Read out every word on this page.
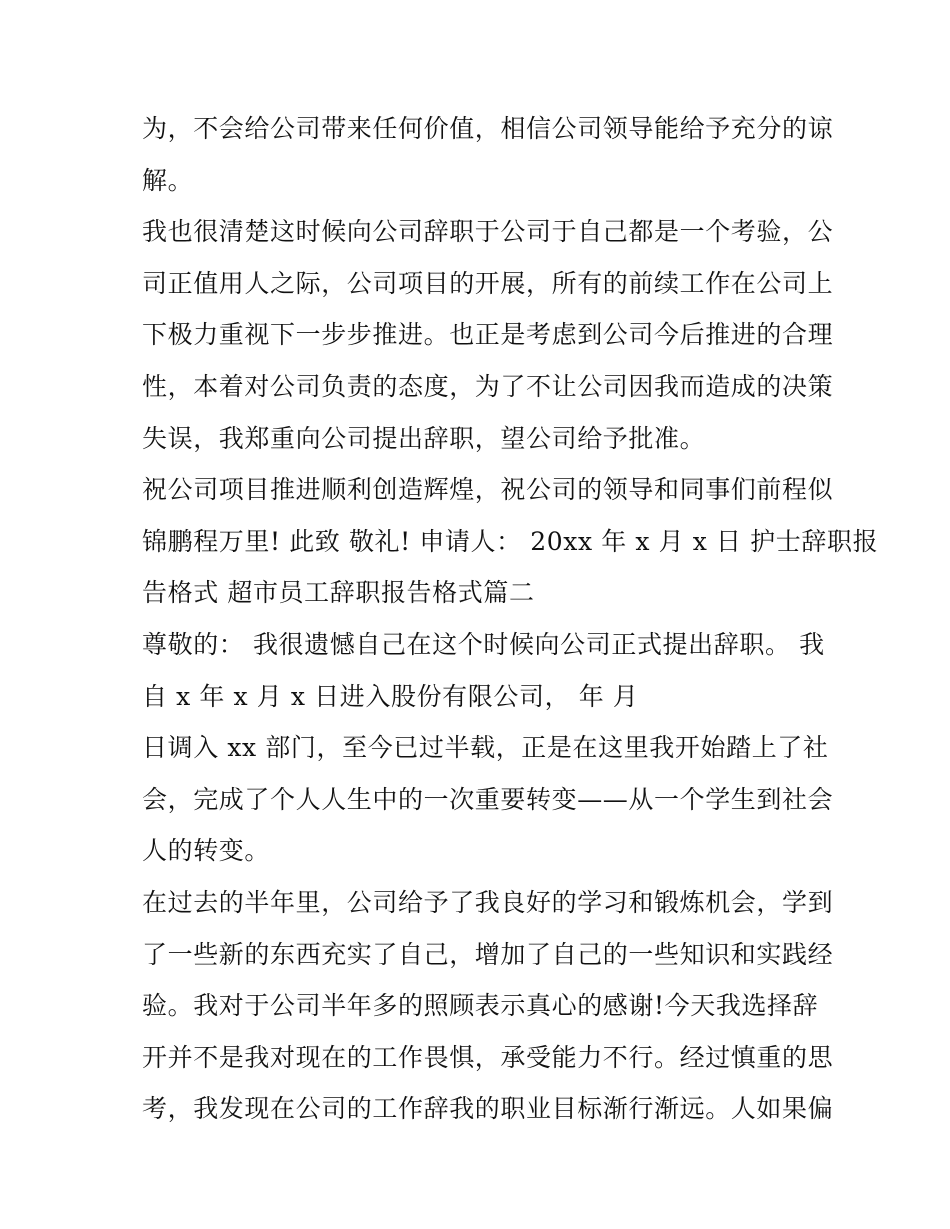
为，不会给公司带来任何价值，相信公司领导能给予充分的谅
解。
我也很清楚这时候向公司辞职于公司于自己都是一个考验，公
司正值用人之际，公司项目的开展，所有的前续工作在公司上
下极力重视下一步步推进。也正是考虑到公司今后推进的合理
性，本着对公司负责的态度，为了不让公司因我而造成的决策
失误，我郑重向公司提出辞职，望公司给予批准。
祝公司项目推进顺利创造辉煌，祝公司的领导和同事们前程似
锦鹏程万里! 此致 敬礼! 申请人： 20xx 年 x 月 x 日 护士辞职报
告格式 超市员工辞职报告格式篇二
尊敬的： 我很遗憾自己在这个时候向公司正式提出辞职。 我
自 x 年 x 月 x 日进入股份有限公司， 年 月
日调入 xx 部门，至今已过半载，正是在这里我开始踏上了社
会，完成了个人人生中的一次重要转变——从一个学生到社会
人的转变。
在过去的半年里，公司给予了我良好的学习和锻炼机会，学到
了一些新的东西充实了自己，增加了自己的一些知识和实践经
验。我对于公司半年多的照顾表示真心的感谢!今天我选择辞
开并不是我对现在的工作畏惧，承受能力不行。经过慎重的思
考，我发现在公司的工作辞我的职业目标渐行渐远。人如果偏
